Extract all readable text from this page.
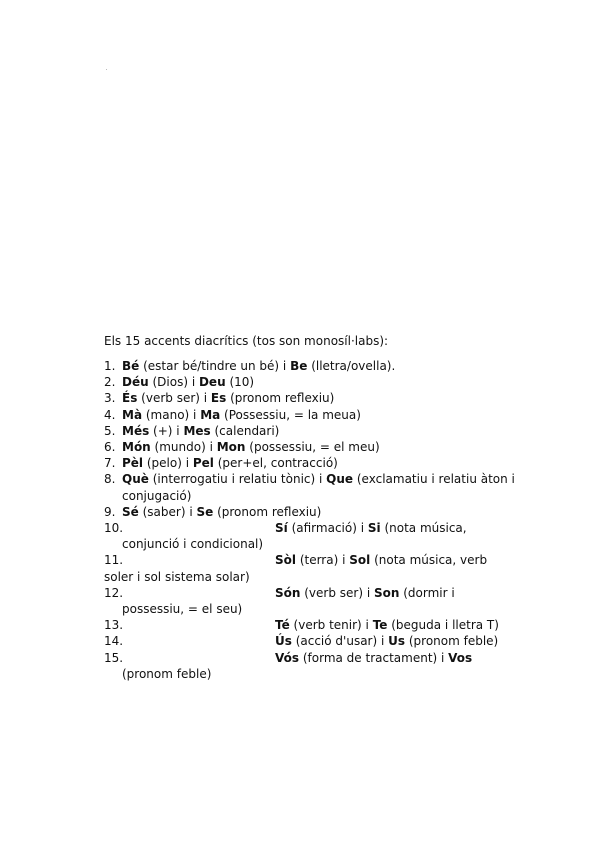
Els 15 accents diacrítics (tos son monosíl·labs):
1. Bé (estar bé/tindre un bé) i Be (lletra/ovella).
2. Déu (Dios) i Deu (10)
3. És (verb ser) i Es (pronom reflexiu)
4. Mà (mano) i Ma (Possessiu, = la meua)
5. Més (+) i Mes (calendari)
6. Món (mundo) i Mon (possessiu, = el meu)
7. Pèl (pelo) i Pel (per+el, contracció)
8. Què (interrogatiu i relatiu tònic) i Que (exclamatiu i relatiu àton i conjugació)
9. Sé (saber) i Se (pronom reflexiu)
10.	Sí (afirmació) i Si (nota música,
conjunció i condicional)
11.	Sòl (terra) i Sol (nota música, verb
soler i sol sistema solar)
12.	Són (verb ser) i Son (dormir i
possessiu, = el seu)
13.	Té (verb tenir) i Te (beguda i lletra T)
14.	Ús (acció d'usar) i Us (pronom feble)
15.	Vós (forma de tractament) i Vos
(pronom feble)
